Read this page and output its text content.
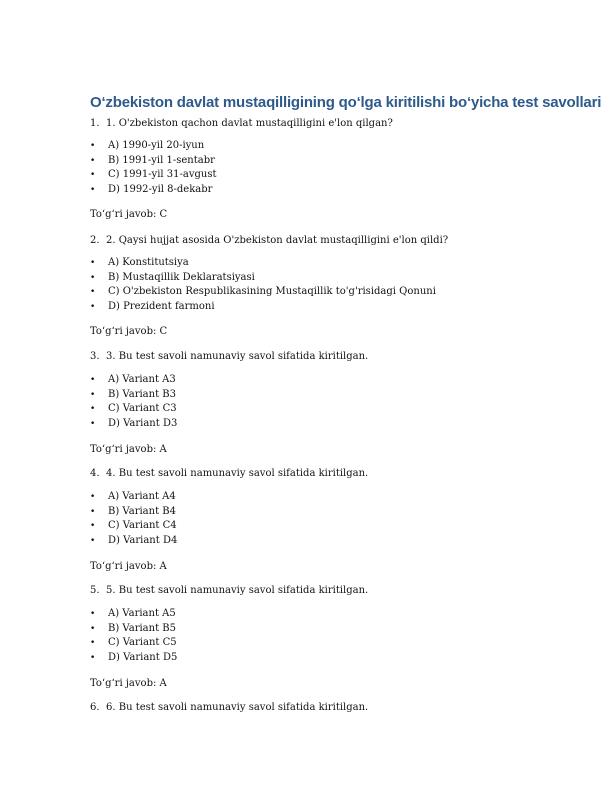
O‘zbekiston davlat mustaqilligining qo‘lga kiritilishi bo‘yicha test savollari
1. 1. O'zbekiston qachon davlat mustaqilligini e'lon qilgan?
• A) 1990-yil 20-iyun
• B) 1991-yil 1-sentabr
• C) 1991-yil 31-avgust
• D) 1992-yil 8-dekabr
To‘g‘ri javob: C
2. 2. Qaysi hujjat asosida O'zbekiston davlat mustaqilligini e'lon qildi?
• A) Konstitutsiya
• B) Mustaqillik Deklaratsiyasi
• C) O'zbekiston Respublikasining Mustaqillik to'g'risidagi Qonuni
• D) Prezident farmoni
To‘g‘ri javob: C
3. 3. Bu test savoli namunaviy savol sifatida kiritilgan.
• A) Variant A3
• B) Variant B3
• C) Variant C3
• D) Variant D3
To‘g‘ri javob: A
4. 4. Bu test savoli namunaviy savol sifatida kiritilgan.
• A) Variant A4
• B) Variant B4
• C) Variant C4
• D) Variant D4
To‘g‘ri javob: A
5. 5. Bu test savoli namunaviy savol sifatida kiritilgan.
• A) Variant A5
• B) Variant B5
• C) Variant C5
• D) Variant D5
To‘g‘ri javob: A
6. 6. Bu test savoli namunaviy savol sifatida kiritilgan.
